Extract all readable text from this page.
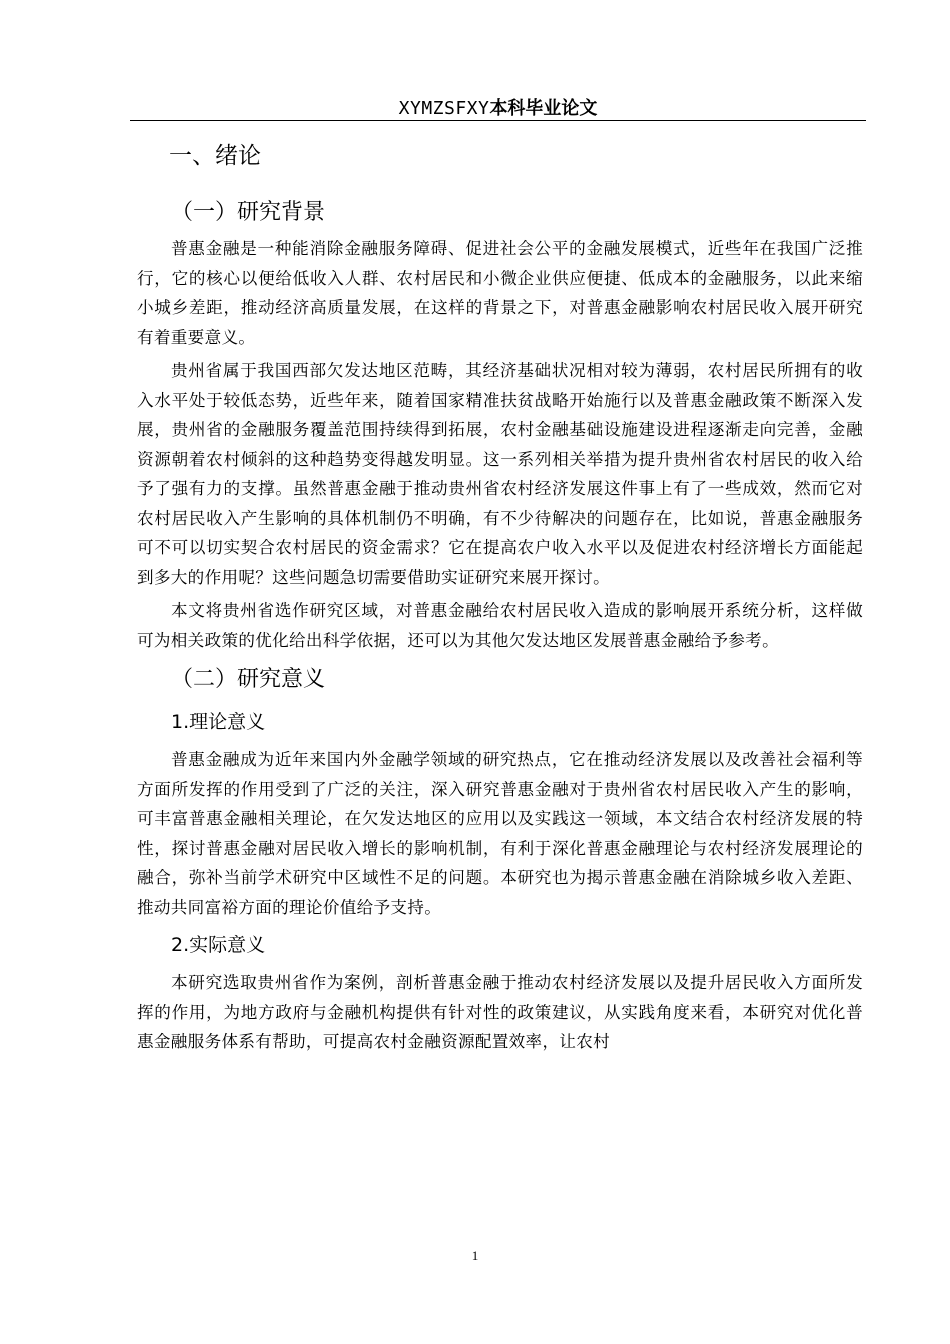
XYMZSFXY本科毕业论文
一、绪论
（一）研究背景

普惠金融是一种能消除金融服务障碍、促进社会公平的金融发展模式，近些年在我国广泛推行，它的核心以便给低收入人群、农村居民和小微企业供应便捷、低成本的金融服务，以此来缩小城乡差距，推动经济高质量发展，在这样的背景之下，对普惠金融影响农村居民收入展开研究有着重要意义。

贵州省属于我国西部欠发达地区范畴，其经济基础状况相对较为薄弱，农村居民所拥有的收入水平处于较低态势，近些年来，随着国家精准扶贫战略开始施行以及普惠金融政策不断深入发展，贵州省的金融服务覆盖范围持续得到拓展，农村金融基础设施建设进程逐渐走向完善，金融资源朝着农村倾斜的这种趋势变得越发明显。这一系列相关举措为提升贵州省农村居民的收入给予了强有力的支撑。虽然普惠金融于推动贵州省农村经济发展这件事上有了一些成效，然而它对农村居民收入产生影响的具体机制仍不明确，有不少待解决的问题存在，比如说，普惠金融服务可不可以切实契合农村居民的资金需求？它在提高农户收入水平以及促进农村经济增长方面能起到多大的作用呢？这些问题急切需要借助实证研究来展开探讨。

本文将贵州省选作研究区域，对普惠金融给农村居民收入造成的影响展开系统分析，这样做可为相关政策的优化给出科学依据，还可以为其他欠发达地区发展普惠金融给予参考。

（二）研究意义
1.理论意义

普惠金融成为近年来国内外金融学领域的研究热点，它在推动经济发展以及改善社会福利等方面所发挥的作用受到了广泛的关注，深入研究普惠金融对于贵州省农村居民收入产生的影响，可丰富普惠金融相关理论，在欠发达地区的应用以及实践这一领域，本文结合农村经济发展的特性，探讨普惠金融对居民收入增长的影响机制，有利于深化普惠金融理论与农村经济发展理论的融合，弥补当前学术研究中区域性不足的问题。本研究也为揭示普惠金融在消除城乡收入差距、推动共同富裕方面的理论价值给予支持。

2.实际意义

本研究选取贵州省作为案例，剖析普惠金融于推动农村经济发展以及提升居民收入方面所发挥的作用，为地方政府与金融机构提供有针对性的政策建议，从实践角度来看，本研究对优化普惠金融服务体系有帮助，可提高农村金融资源配置效率，让农村

1
